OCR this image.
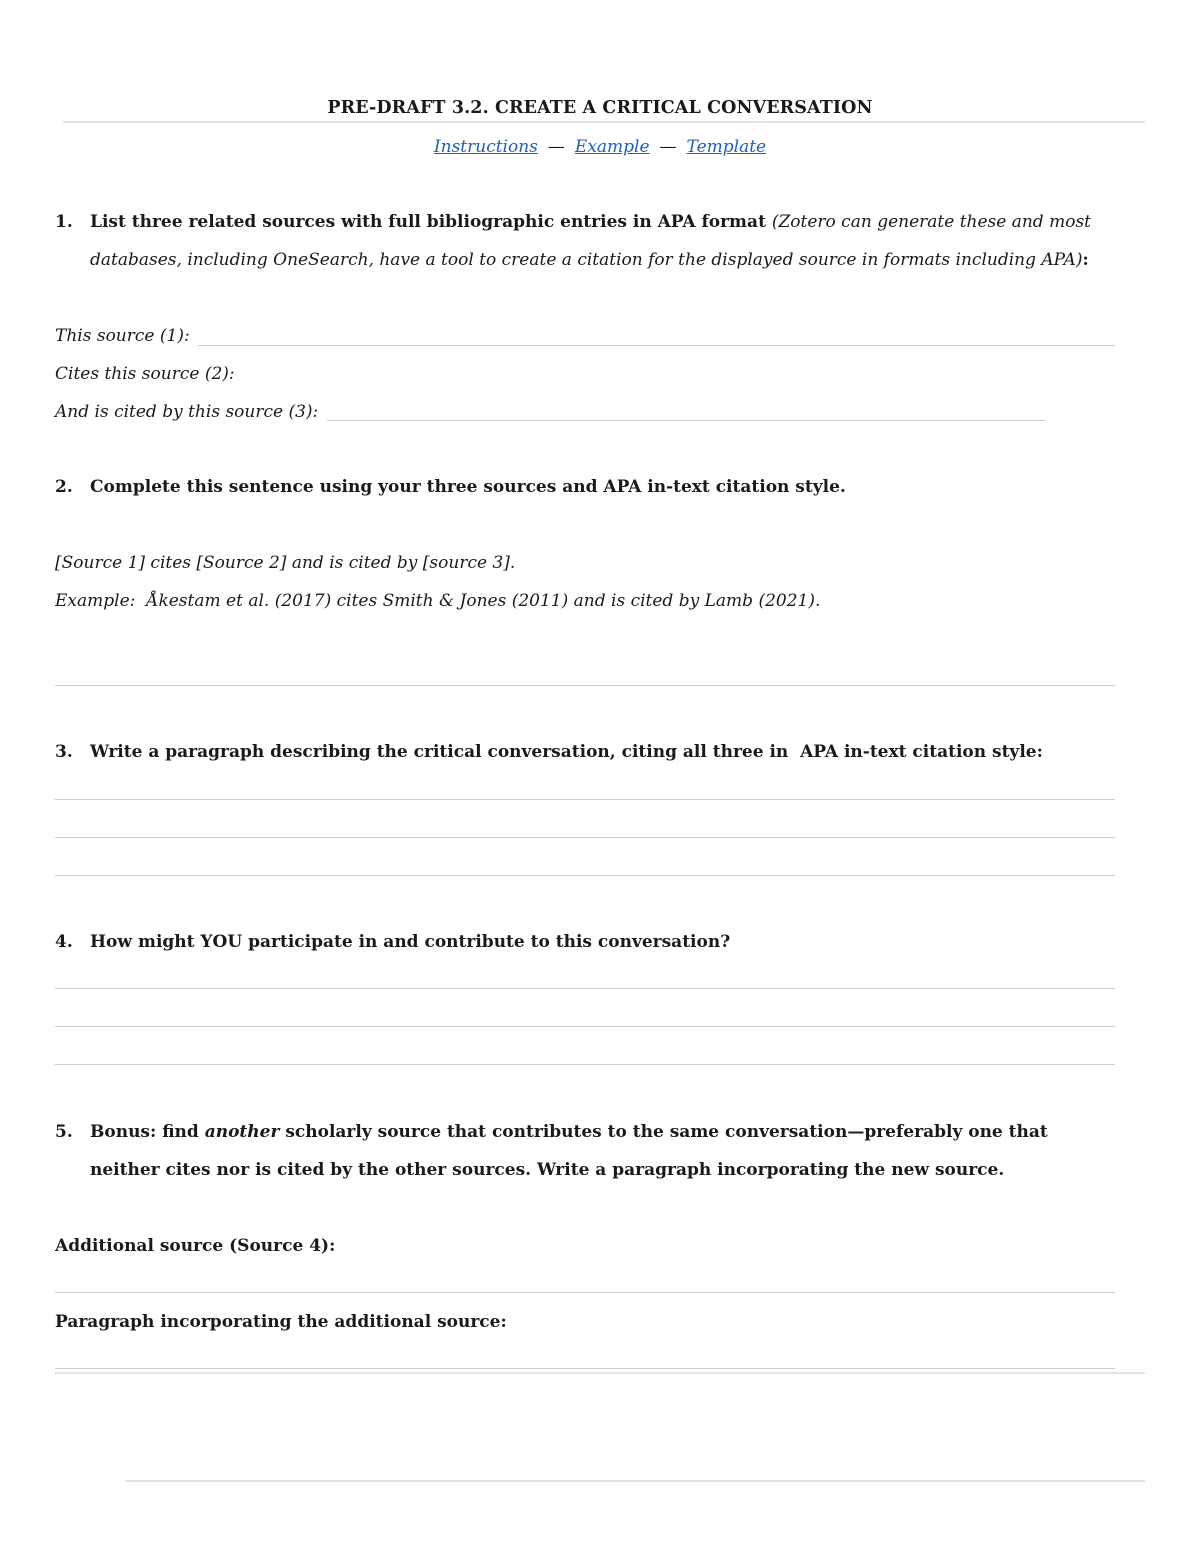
PRE-DRAFT 3.2. CREATE A CRITICAL CONVERSATION
Instructions — Example — Template
1. List three related sources with full bibliographic entries in APA format (Zotero can generate these and most
databases, including OneSearch, have a tool to create a citation for the displayed source in formats including APA):
This source (1):
Cites this source (2):
And is cited by this source (3):
2. Complete this sentence using your three sources and APA in-text citation style.
[Source 1] cites [Source 2] and is cited by [source 3].
Example:  Åkestam et al. (2017) cites Smith & Jones (2011) and is cited by Lamb (2021).
3. Write a paragraph describing the critical conversation, citing all three in  APA in-text citation style:
4. How might YOU participate in and contribute to this conversation?
5. Bonus: find another scholarly source that contributes to the same conversation—preferably one that
neither cites nor is cited by the other sources. Write a paragraph incorporating the new source.
Additional source (Source 4):
Paragraph incorporating the additional source:
